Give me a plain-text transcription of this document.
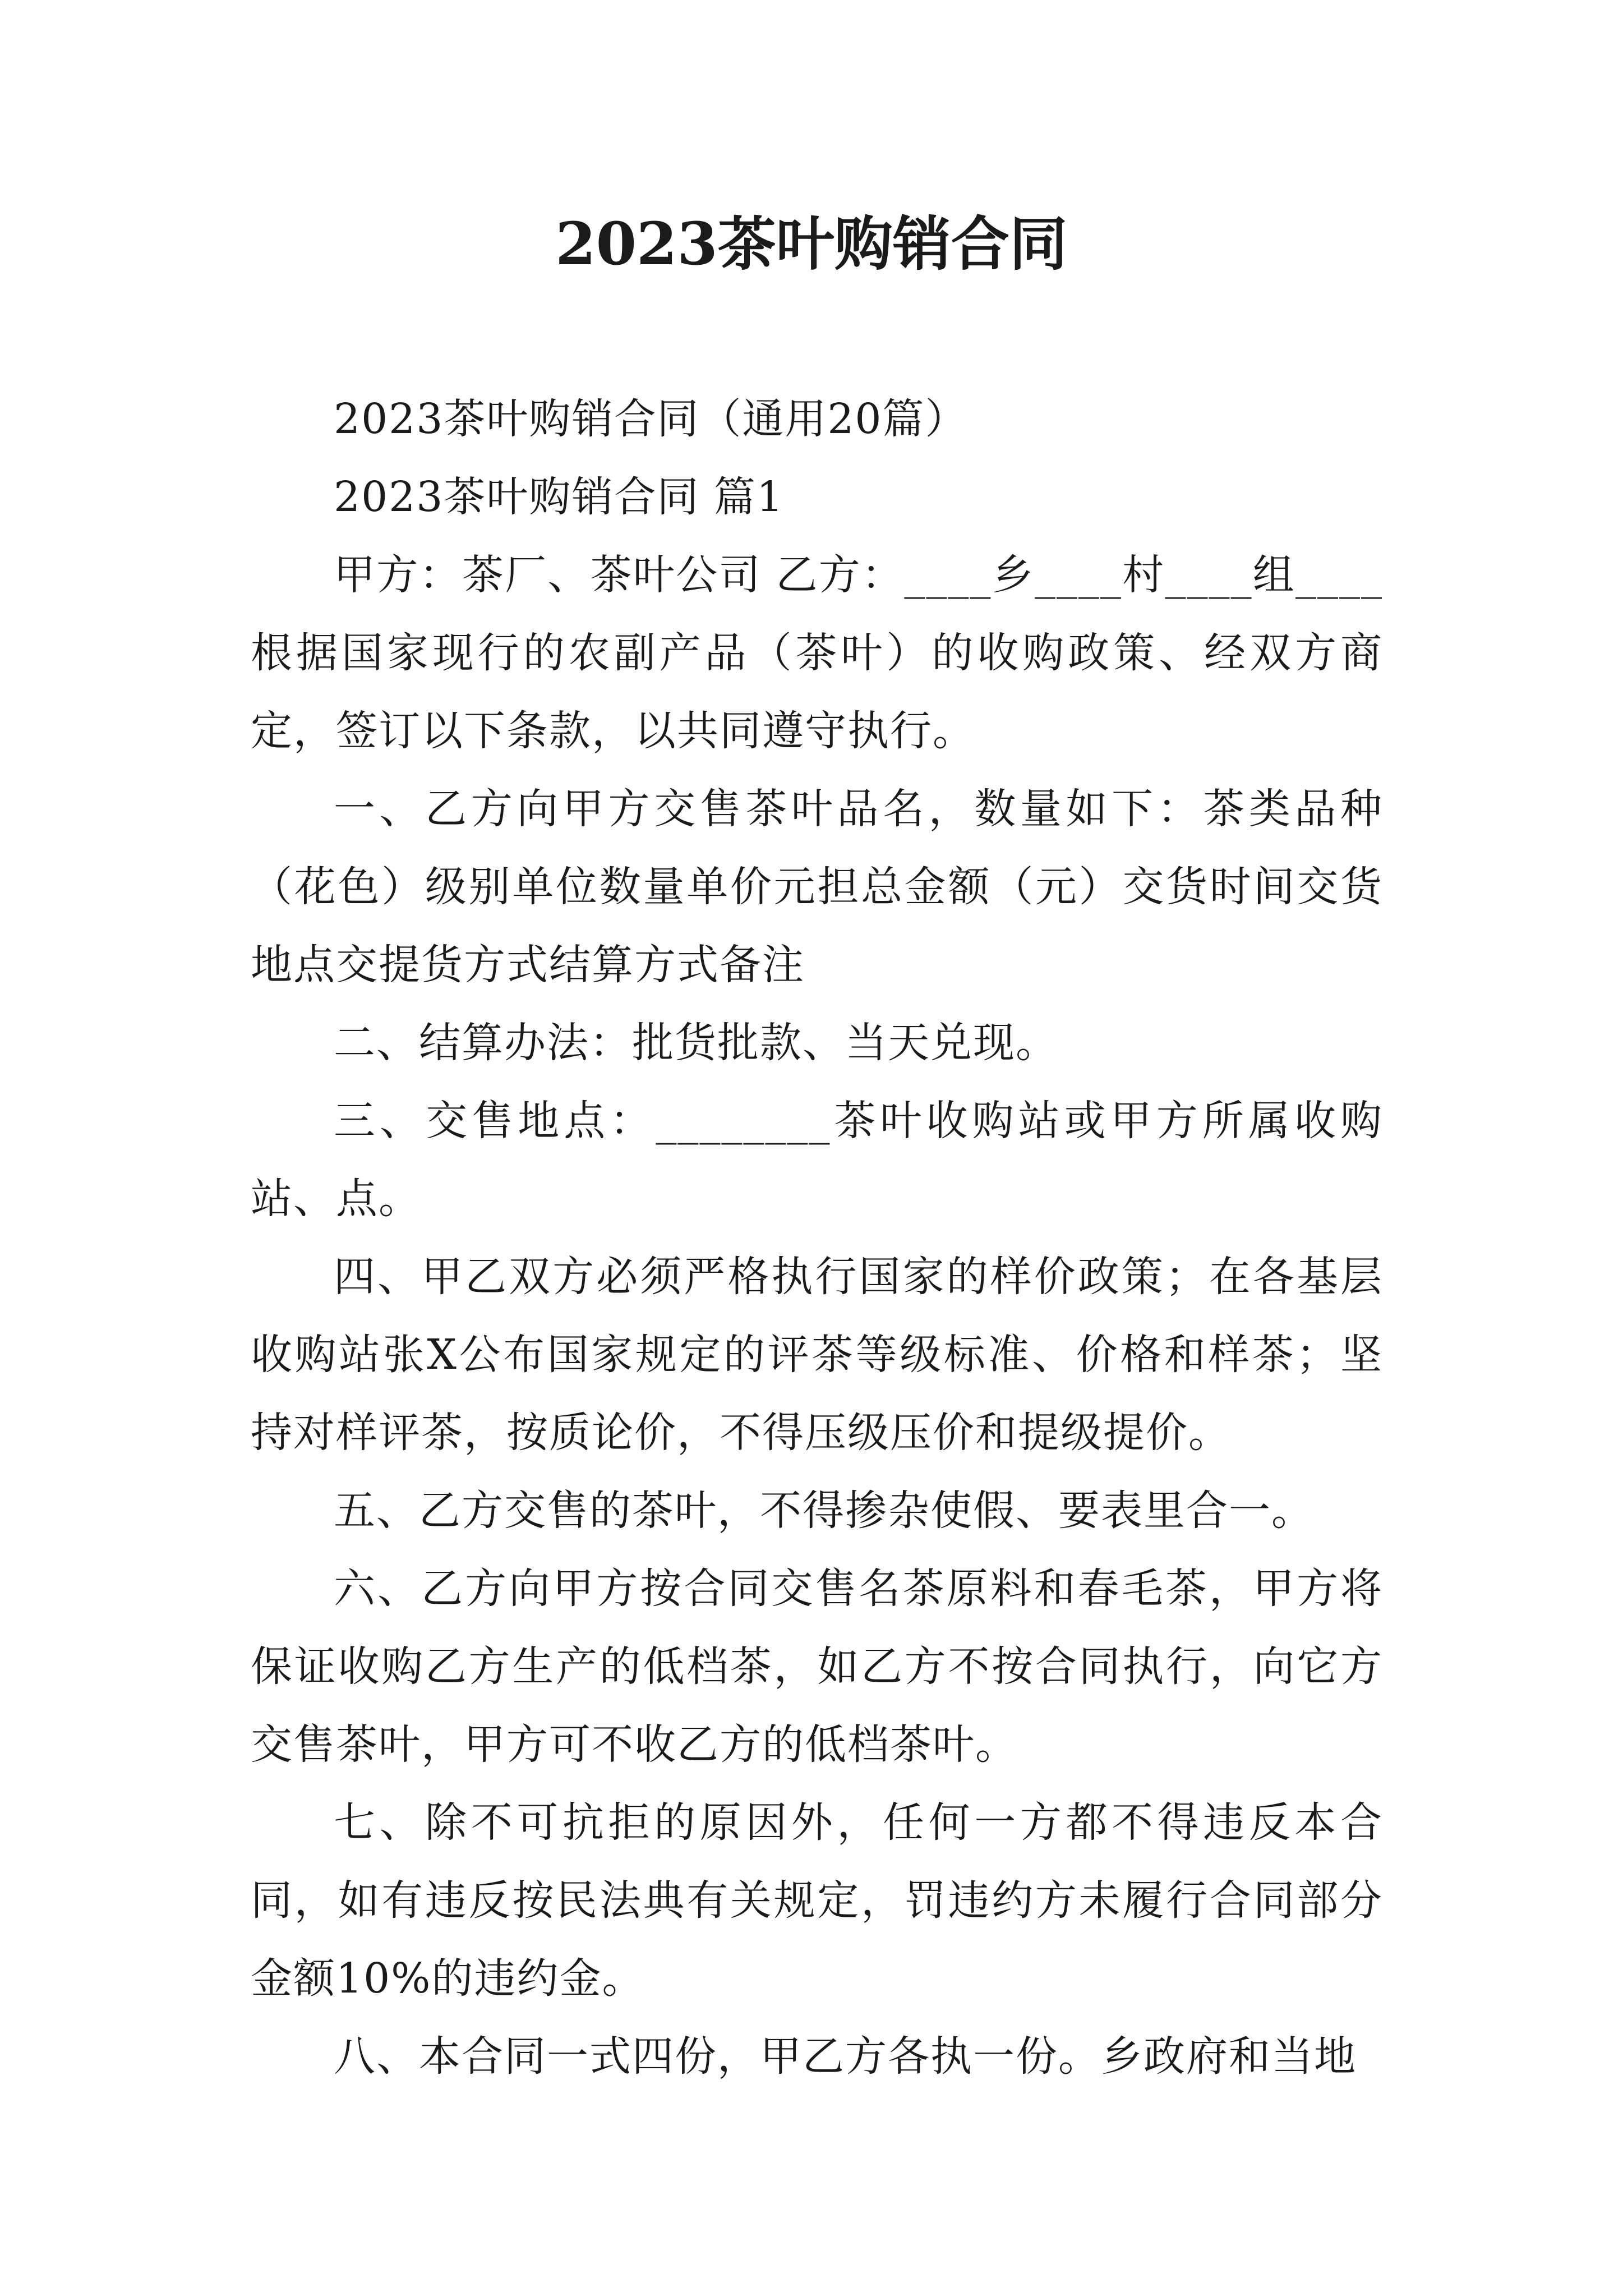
2023茶叶购销合同

2023茶叶购销合同（通用20篇）

2023茶叶购销合同 篇1

甲方：茶厂、茶叶公司 乙方：____乡____村____组____根据国家现行的农副产品（茶叶）的收购政策、经双方商定，签订以下条款，以共同遵守执行。

一、乙方向甲方交售茶叶品名，数量如下：茶类品种（花色）级别单位数量单价元担总金额（元）交货时间交货地点交提货方式结算方式备注

二、结算办法：批货批款、当天兑现。

三、交售地点：________茶叶收购站或甲方所属收购站、点。

四、甲乙双方必须严格执行国家的样价政策；在各基层收购站张X公布国家规定的评茶等级标准、价格和样茶；坚持对样评茶，按质论价，不得压级压价和提级提价。

五、乙方交售的茶叶，不得掺杂使假、要表里合一。

六、乙方向甲方按合同交售名茶原料和春毛茶，甲方将保证收购乙方生产的低档茶，如乙方不按合同执行，向它方交售茶叶，甲方可不收乙方的低档茶叶。

七、除不可抗拒的原因外，任何一方都不得违反本合同，如有违反按民法典有关规定，罚违约方未履行合同部分金额10%的违约金。

八、本合同一式四份，甲乙方各执一份。乡政府和当地
